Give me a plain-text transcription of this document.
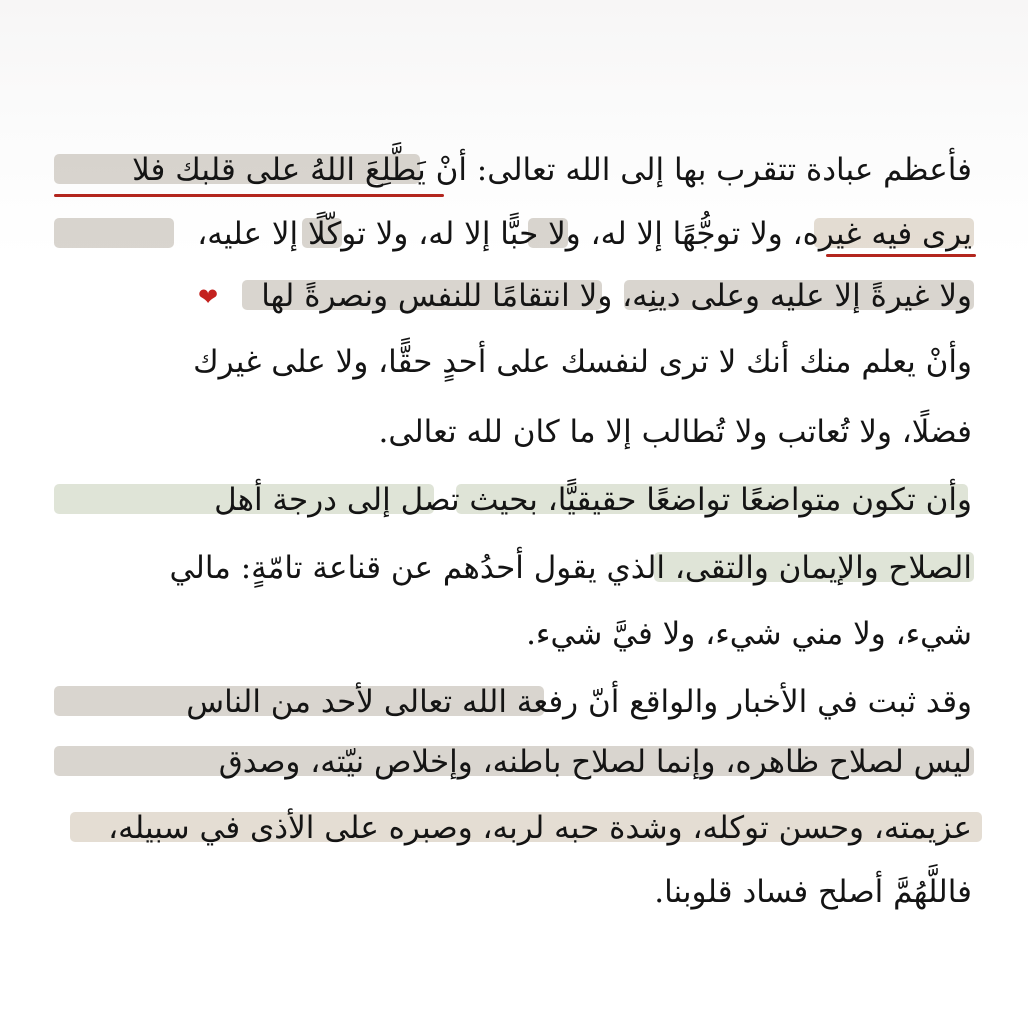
فأعظم عبادة تتقرب بها إلى الله تعالى: أنْ يَطَّلِعَ اللهُ على قلبك فلا
يرى فيه غيره، ولا توجُّهًا إلا له، ولا حبًّا إلا له، ولا توكّلًا إلا عليه،
❤	ولا غيرةً إلا عليه وعلى دينِه، ولا انتقامًا للنفس ونصرةً لها
وأنْ يعلم منك أنك لا ترى لنفسك على أحدٍ حقًّا، ولا على غيرك
فضلًا، ولا تُعاتب ولا تُطالب إلا ما كان لله تعالى.
وأن تكون متواضعًا تواضعًا حقيقيًّا، بحيث تصل إلى درجة أهل
الصلاح والإيمان والتقى، الذي يقول أحدُهم عن قناعة تامّةٍ: مالي
شيء، ولا مني شيء، ولا فيَّ شيء.
وقد ثبت في الأخبار والواقع أنّ رفعة الله تعالى لأحد من الناس
ليس لصلاح ظاهره، وإنما لصلاح باطنه، وإخلاص نيّته، وصدق
عزيمته، وحسن توكله، وشدة حبه لربه، وصبره على الأذى في سبيله،
فاللَّهُمَّ أصلح فساد قلوبنا.
